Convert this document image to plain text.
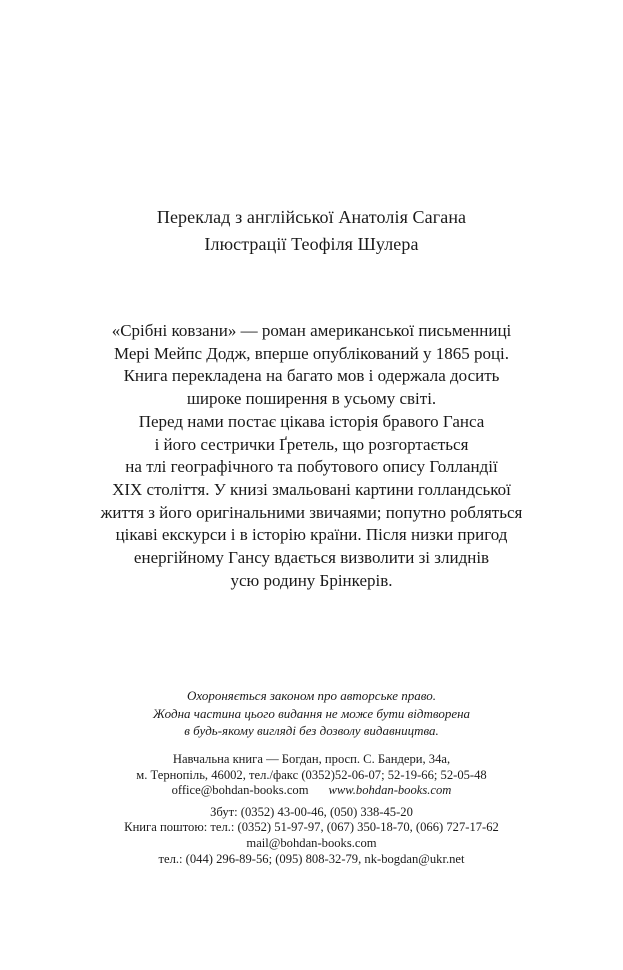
Переклад з англійської Анатолія Сагана
Ілюстрації Теофіля Шулера
«Срібні ковзани» — роман американської письменниці
Мері Мейпс Додж, вперше опублікований у 1865 році.
Книга перекладена на багато мов і одержала досить
широке поширення в усьому світі.
Перед нами постає цікава історія бравого Ганса
і його сестрички Ґретель, що розгортається
на тлі географічного та побутового опису Голландії
XIX століття. У книзі змальовані картини голландської
життя з його оригінальними звичаями; попутно робляться
цікаві екскурси і в історію країни. Після низки пригод
енергійному Гансу вдається визволити зі злиднів
усю родину Брінкерів.
Охороняється законом про авторське право.
Жодна частина цього видання не може бути відтворена
в будь-якому вигляді без дозволу видавництва.
Навчальна книга — Богдан, просп. С. Бандери, 34а,
м. Тернопіль, 46002, тел./факс (0352)52-06-07; 52-19-66; 52-05-48
office@bohdan-books.com www.bohdan-books.com
Збут: (0352) 43-00-46, (050) 338-45-20
Книга поштою: тел.: (0352) 51-97-97, (067) 350-18-70, (066) 727-17-62
mail@bohdan-books.com
тел.: (044) 296-89-56; (095) 808-32-79, nk-bogdan@ukr.net
